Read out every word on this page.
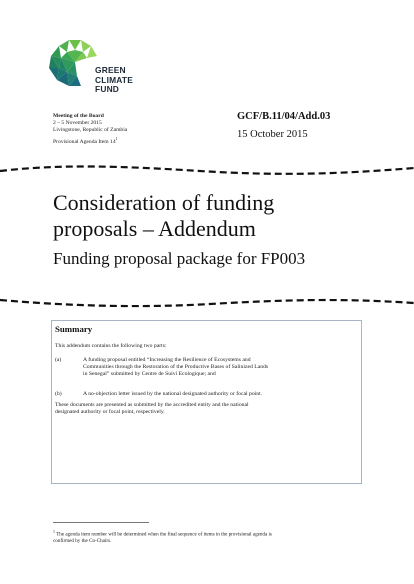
GREEN
CLIMATE
FUND
Meeting of the Board
2 – 5 November 2015
Livingstone, Republic of Zambia
Provisional Agenda Item $14^1$
GCF/B.11/04/Add.03
15 October 2015
Consideration of funding
proposals – Addendum
Funding proposal package for FP003
Summary
This addendum contains the following two parts:
(a)	A funding proposal entitled “Increasing the Resilience of Ecosystems and
Communities through the Restoration of the Productive Bases of Salinized Lands
in Senegal” submitted by Centre de Suivi Ecologique; and
(b)	A no-objection letter issued by the national designated authority or focal point.
These documents are presented as submitted by the accredited entity and the national
designated authority or focal point, respectively.
$^1$ The agenda item number will be determined when the final sequence of items in the provisional agenda is
confirmed by the Co-Chairs.
